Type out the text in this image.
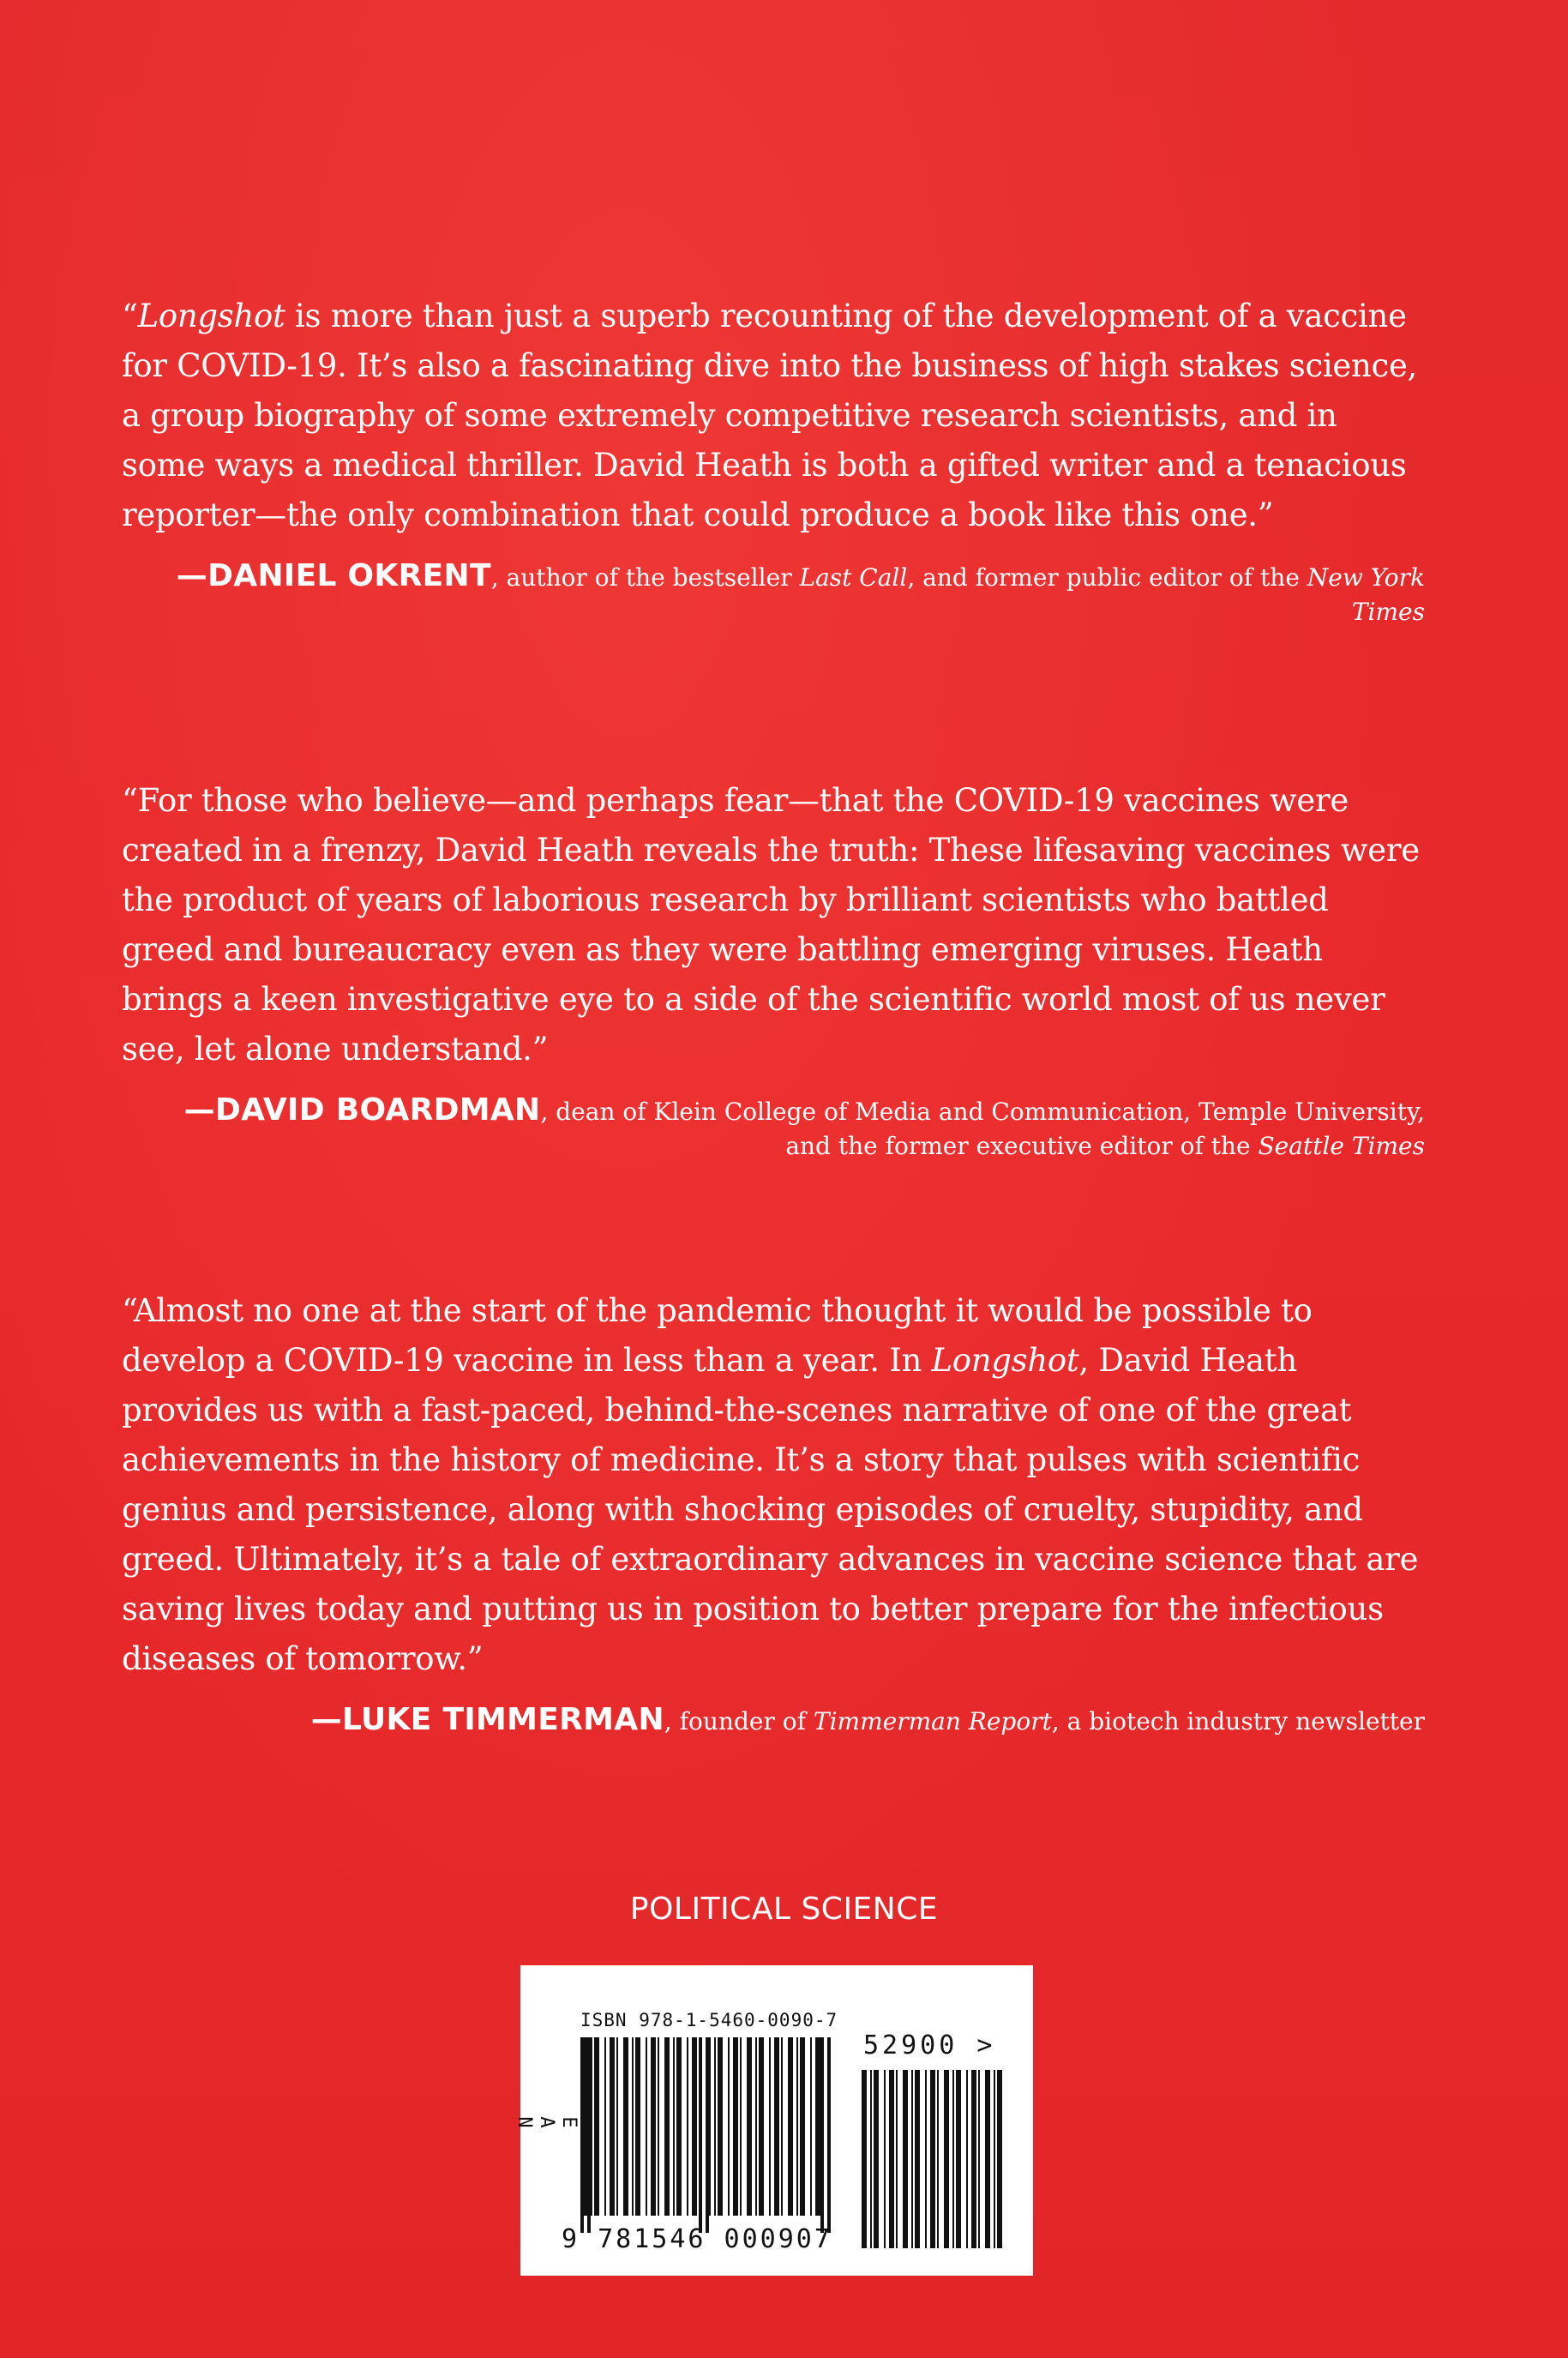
“Longshot is more than just a superb recounting of the development of a vaccine for COVID-19. It’s also a fascinating dive into the business of high stakes science, a group biography of some extremely competitive research scientists, and in some ways a medical thriller. David Heath is both a gifted writer and a tenacious reporter—the only combination that could produce a book like this one.”

—DANIEL OKRENT, author of the bestseller Last Call, and former public editor of the New York Times

“For those who believe—and perhaps fear—that the COVID-19 vaccines were created in a frenzy, David Heath reveals the truth: These lifesaving vaccines were the product of years of laborious research by brilliant scientists who battled greed and bureaucracy even as they were battling emerging viruses. Heath brings a keen investigative eye to a side of the scientific world most of us never see, let alone understand.”

—DAVID BOARDMAN, dean of Klein College of Media and Communication, Temple University,
and the former executive editor of the Seattle Times

“Almost no one at the start of the pandemic thought it would be possible to develop a COVID-19 vaccine in less than a year. In Longshot, David Heath provides us with a fast-paced, behind-the-scenes narrative of one of the great achievements in the history of medicine. It’s a story that pulses with scientific genius and persistence, along with shocking episodes of cruelty, stupidity, and greed. Ultimately, it’s a tale of extraordinary advances in vaccine science that are saving lives today and putting us in position to better prepare for the infectious diseases of tomorrow.”

—LUKE TIMMERMAN, founder of Timmerman Report, a biotech industry newsletter
POLITICAL SCIENCE
ISBN 978-1-5460-0090-7
E
A
N
52900 >
9 781546 000907
